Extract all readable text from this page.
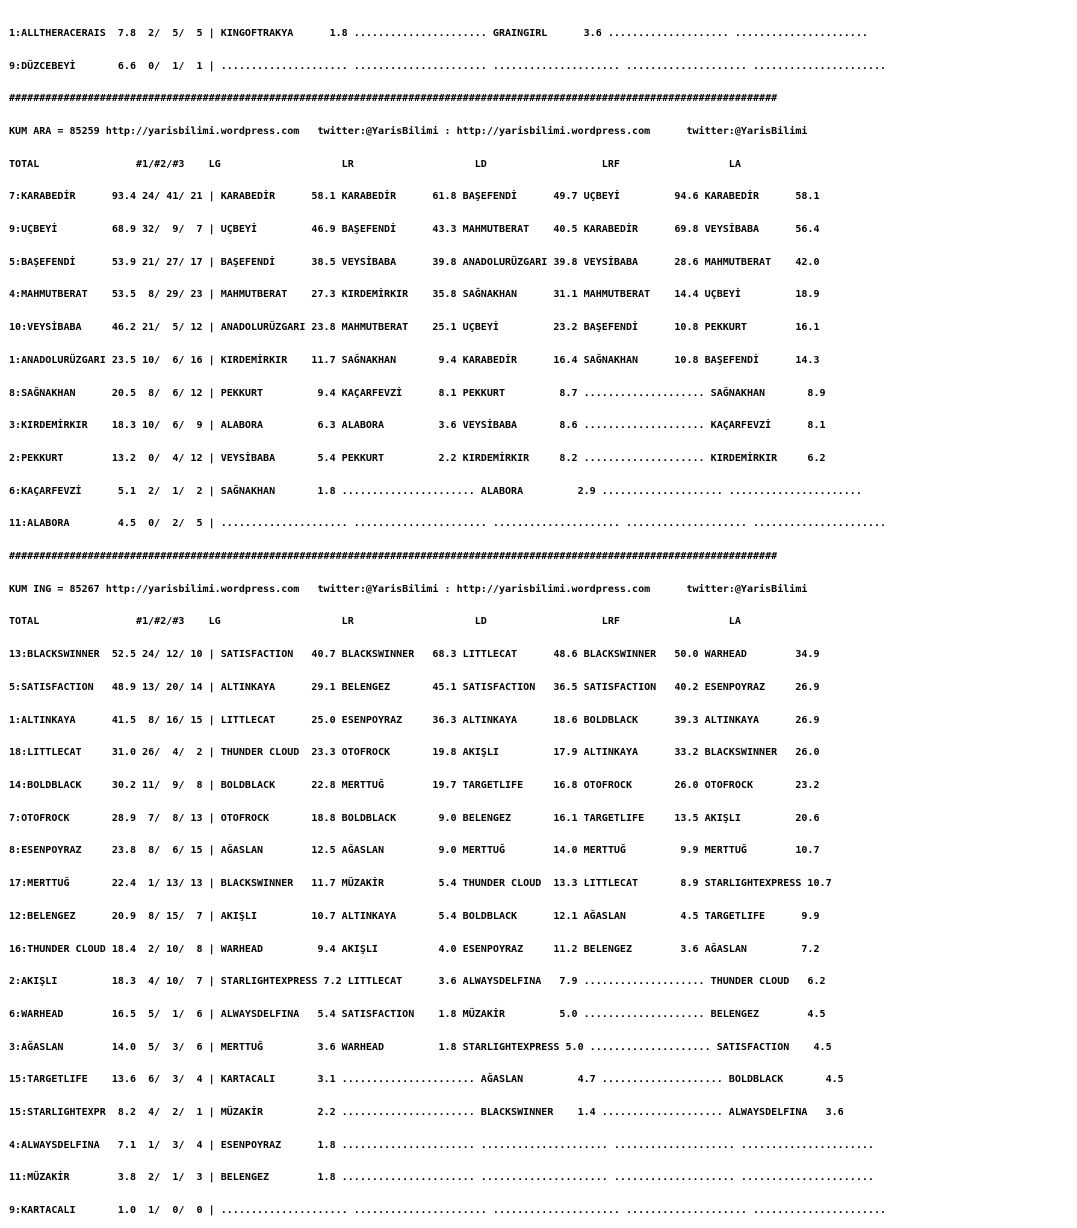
1:ALLTHERACERAIS  7.8  2/  5/  5 | KINGOFTRAKYA      1.8 ...................... GRAINGIRL      3.6 .................... ......................

9:DÜZCEBEYİ       6.6  0/  1/  1 | ..................... ...................... ..................... .................... ......................

###############################################################################################################################

KUM ARA = 85259 http://yarisbilimi.wordpress.com   twitter:@YarisBilimi : http://yarisbilimi.wordpress.com      twitter:@YarisBilimi

TOTAL                #1/#2/#3    LG                    LR                    LD                   LRF                  LA

7:KARABEDİR      93.4 24/ 41/ 21 | KARABEDİR      58.1 KARABEDİR      61.8 BAŞEFENDİ      49.7 UÇBEYİ         94.6 KARABEDİR      58.1

9:UÇBEYİ         68.9 32/  9/  7 | UÇBEYİ         46.9 BAŞEFENDİ      43.3 MAHMUTBERAT    40.5 KARABEDİR      69.8 VEYSİBABA      56.4

5:BAŞEFENDİ      53.9 21/ 27/ 17 | BAŞEFENDİ      38.5 VEYSİBABA      39.8 ANADOLURÜZGARI 39.8 VEYSİBABA      28.6 MAHMUTBERAT    42.0

4:MAHMUTBERAT    53.5  8/ 29/ 23 | MAHMUTBERAT    27.3 KIRDEMİRKIR    35.8 SAĞNAKHAN      31.1 MAHMUTBERAT    14.4 UÇBEYİ         18.9

10:VEYSİBABA     46.2 21/  5/ 12 | ANADOLURÜZGARI 23.8 MAHMUTBERAT    25.1 UÇBEYİ         23.2 BAŞEFENDİ      10.8 PEKKURT        16.1

1:ANADOLURÜZGARI 23.5 10/  6/ 16 | KIRDEMİRKIR    11.7 SAĞNAKHAN       9.4 KARABEDİR      16.4 SAĞNAKHAN      10.8 BAŞEFENDİ      14.3

8:SAĞNAKHAN      20.5  8/  6/ 12 | PEKKURT         9.4 KAÇARFEVZİ      8.1 PEKKURT         8.7 .................... SAĞNAKHAN       8.9

3:KIRDEMİRKIR    18.3 10/  6/  9 | ALABORA         6.3 ALABORA         3.6 VEYSİBABA       8.6 .................... KAÇARFEVZİ      8.1

2:PEKKURT        13.2  0/  4/ 12 | VEYSİBABA       5.4 PEKKURT         2.2 KIRDEMİRKIR     8.2 .................... KIRDEMİRKIR     6.2

6:KAÇARFEVZİ      5.1  2/  1/  2 | SAĞNAKHAN       1.8 ...................... ALABORA         2.9 .................... ......................

11:ALABORA        4.5  0/  2/  5 | ..................... ...................... ..................... .................... ......................

###############################################################################################################################

KUM ING = 85267 http://yarisbilimi.wordpress.com   twitter:@YarisBilimi : http://yarisbilimi.wordpress.com      twitter:@YarisBilimi

TOTAL                #1/#2/#3    LG                    LR                    LD                   LRF                  LA

13:BLACKSWINNER  52.5 24/ 12/ 10 | SATISFACTION   40.7 BLACKSWINNER   68.3 LITTLECAT      48.6 BLACKSWINNER   50.0 WARHEAD        34.9

5:SATISFACTION   48.9 13/ 20/ 14 | ALTINKAYA      29.1 BELENGEZ       45.1 SATISFACTION   36.5 SATISFACTION   40.2 ESENPOYRAZ     26.9

1:ALTINKAYA      41.5  8/ 16/ 15 | LITTLECAT      25.0 ESENPOYRAZ     36.3 ALTINKAYA      18.6 BOLDBLACK      39.3 ALTINKAYA      26.9

18:LITTLECAT     31.0 26/  4/  2 | THUNDER CLOUD  23.3 OTOFROCK       19.8 AKIŞLI         17.9 ALTINKAYA      33.2 BLACKSWINNER   26.0

14:BOLDBLACK     30.2 11/  9/  8 | BOLDBLACK      22.8 MERTTUĞ        19.7 TARGETLIFE     16.8 OTOFROCK       26.0 OTOFROCK       23.2

7:OTOFROCK       28.9  7/  8/ 13 | OTOFROCK       18.8 BOLDBLACK       9.0 BELENGEZ       16.1 TARGETLIFE     13.5 AKIŞLI         20.6

8:ESENPOYRAZ     23.8  8/  6/ 15 | AĞASLAN        12.5 AĞASLAN         9.0 MERTTUĞ        14.0 MERTTUĞ         9.9 MERTTUĞ        10.7

17:MERTTUĞ       22.4  1/ 13/ 13 | BLACKSWINNER   11.7 MÜZAKİR         5.4 THUNDER CLOUD  13.3 LITTLECAT       8.9 STARLIGHTEXPRESS 10.7

12:BELENGEZ      20.9  8/ 15/  7 | AKIŞLI         10.7 ALTINKAYA       5.4 BOLDBLACK      12.1 AĞASLAN         4.5 TARGETLIFE      9.9

16:THUNDER CLOUD 18.4  2/ 10/  8 | WARHEAD         9.4 AKIŞLI          4.0 ESENPOYRAZ     11.2 BELENGEZ        3.6 AĞASLAN         7.2

2:AKIŞLI         18.3  4/ 10/  7 | STARLIGHTEXPRESS 7.2 LITTLECAT      3.6 ALWAYSDELFINA   7.9 .................... THUNDER CLOUD   6.2

6:WARHEAD        16.5  5/  1/  6 | ALWAYSDELFINA   5.4 SATISFACTION    1.8 MÜZAKİR         5.0 .................... BELENGEZ        4.5

3:AĞASLAN        14.0  5/  3/  6 | MERTTUĞ         3.6 WARHEAD         1.8 STARLIGHTEXPRESS 5.0 .................... SATISFACTION    4.5

15:TARGETLIFE    13.6  6/  3/  4 | KARTACALI       3.1 ...................... AĞASLAN         4.7 .................... BOLDBLACK       4.5

15:STARLIGHTEXPR  8.2  4/  2/  1 | MÜZAKİR         2.2 ...................... BLACKSWINNER    1.4 .................... ALWAYSDELFINA   3.6

4:ALWAYSDELFINA   7.1  1/  3/  4 | ESENPOYRAZ      1.8 ...................... ..................... .................... ......................

11:MÜZAKİR        3.8  2/  1/  3 | BELENGEZ        1.8 ...................... ..................... .................... ......................

9:KARTACALI       1.0  1/  0/  0 | ..................... ...................... ..................... .................... ......................
